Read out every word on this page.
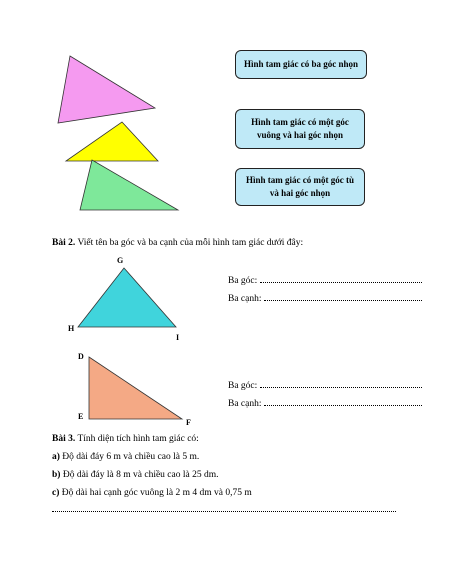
Hình tam giác có ba góc nhọn
Hình tam giác có một góc vuông và hai góc nhọn
Hình tam giác có một góc tù và hai góc nhọn
Bài 2. Viết tên ba góc và ba cạnh của mỗi hình tam giác dưới đây:
G
H
I
Ba góc:
Ba cạnh:
D
E
F
Ba góc:
Ba cạnh:
Bài 3. Tính diện tích hình tam giác có:
a) Độ dài đáy 6 m và chiều cao là 5 m.
b) Độ dài đáy là 8 m và chiều cao là 25 dm.
c) Độ dài hai cạnh góc vuông là 2 m 4 dm và 0,75 m
